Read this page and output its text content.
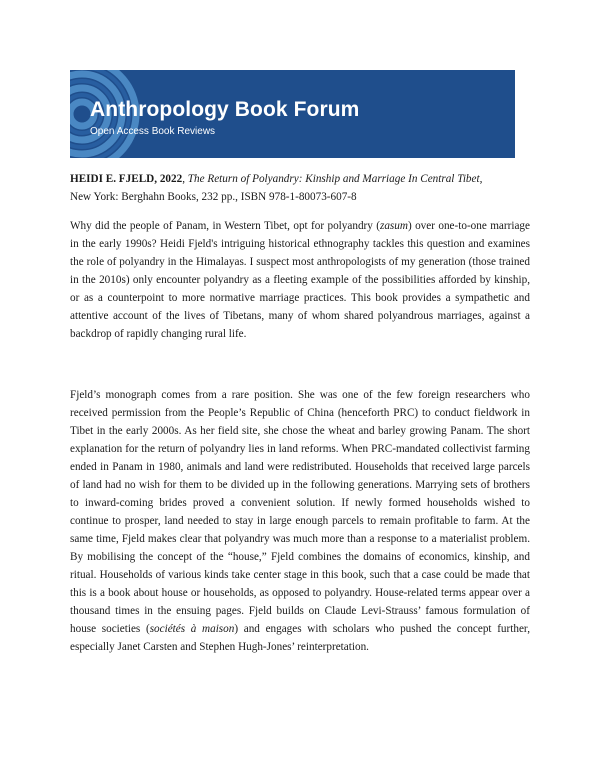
Anthropology Book Forum
Open Access Book Reviews
HEIDI E. FJELD, 2022, The Return of Polyandry: Kinship and Marriage In Central Tibet,
New York: Berghahn Books, 232 pp., ISBN 978-1-80073-607-8

Why did the people of Panam, in Western Tibet, opt for polyandry (zasum) over one-to-one marriage in the early 1990s? Heidi Fjeld's intriguing historical ethnography tackles this question and examines the role of polyandry in the Himalayas. I suspect most anthropologists of my generation (those trained in the 2010s) only encounter polyandry as a fleeting example of the possibilities afforded by kinship, or as a counterpoint to more normative marriage practices. This book provides a sympathetic and attentive account of the lives of Tibetans, many of whom shared polyandrous marriages, against a backdrop of rapidly changing rural life.

Fjeld’s monograph comes from a rare position. She was one of the few foreign researchers who received permission from the People’s Republic of China (henceforth PRC) to conduct fieldwork in Tibet in the early 2000s. As her field site, she chose the wheat and barley growing Panam. The short explanation for the return of polyandry lies in land reforms. When PRC-mandated collectivist farming ended in Panam in 1980, animals and land were redistributed. Households that received large parcels of land had no wish for them to be divided up in the following generations. Marrying sets of brothers to inward-coming brides proved a convenient solution. If newly formed households wished to continue to prosper, land needed to stay in large enough parcels to remain profitable to farm. At the same time, Fjeld makes clear that polyandry was much more than a response to a materialist problem. By mobilising the concept of the “house,” Fjeld combines the domains of economics, kinship, and ritual. Households of various kinds take center stage in this book, such that a case could be made that this is a book about house or households, as opposed to polyandry. House-related terms appear over a thousand times in the ensuing pages. Fjeld builds on Claude Levi-Strauss’ famous formulation of house societies (sociétés à maison) and engages with scholars who pushed the concept further, especially Janet Carsten and Stephen Hugh-Jones’ reinterpretation.
